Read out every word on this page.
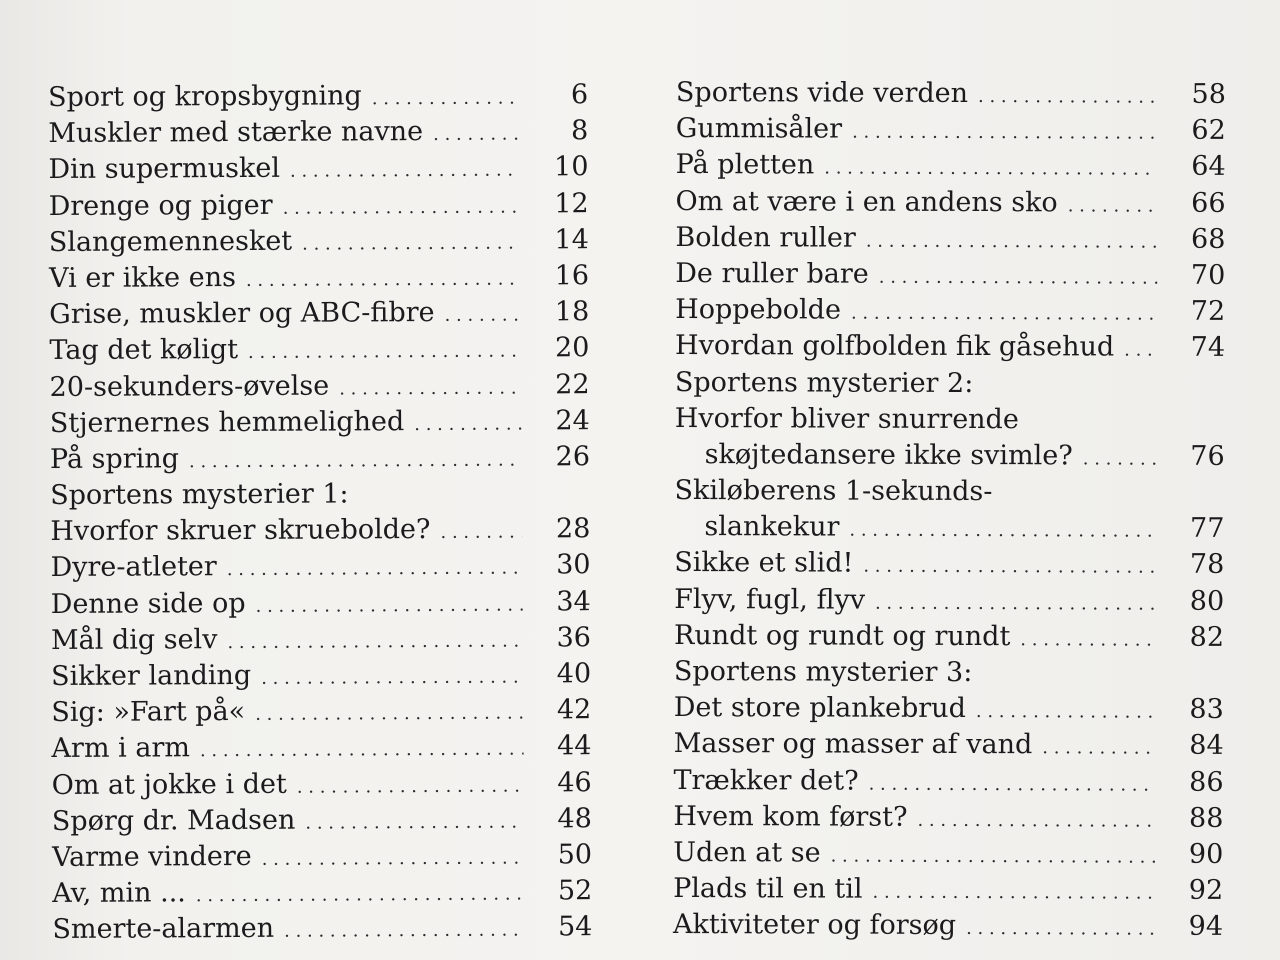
Sport og kropsbygning . . .	6
Muskler med stærke navne . . .	8
Din supermuskel . . .	10
Drenge og piger . . .	12
Slangemennesket . . .	14
Vi er ikke ens . . .	16
Grise, muskler og ABC-fibre . . .	18
Tag det køligt . . .	20
20-sekunders-øvelse . . .	22
Stjernernes hemmelighed . . .	24
På spring . . .	26
Sportens mysterier 1:
Hvorfor skruer skruebolde? . . .	28
Dyre-atleter . . .	30
Denne side op . . .	34
Mål dig selv . . .	36
Sikker landing . . .	40
Sig: »Fart på« . . .	42
Arm i arm . . .	44
Om at jokke i det . . .	46
Spørg dr. Madsen . . .	48
Varme vindere . . .	50
Av, min ... . . .	52
Smerte-alarmen . . .	54
Sportens vide verden . . .	58
Gummisåler . . .	62
På pletten . . .	64
Om at være i en andens sko . . .	66
Bolden ruller . . .	68
De ruller bare . . .	70
Hoppebolde . . .	72
Hvordan golfbolden fik gåsehud . . .	74
Sportens mysterier 2:
Hvorfor bliver snurrende
skøjtedansere ikke svimle? . . .	76
Skiløberens 1-sekunds-
slankekur . . .	77
Sikke et slid! . . .	78
Flyv, fugl, flyv . . .	80
Rundt og rundt og rundt . . .	82
Sportens mysterier 3:
Det store plankebrud . . .	83
Masser og masser af vand . . .	84
Trækker det? . . .	86
Hvem kom først? . . .	88
Uden at se . . .	90
Plads til en til . . .	92
Aktiviteter og forsøg . . .	94
